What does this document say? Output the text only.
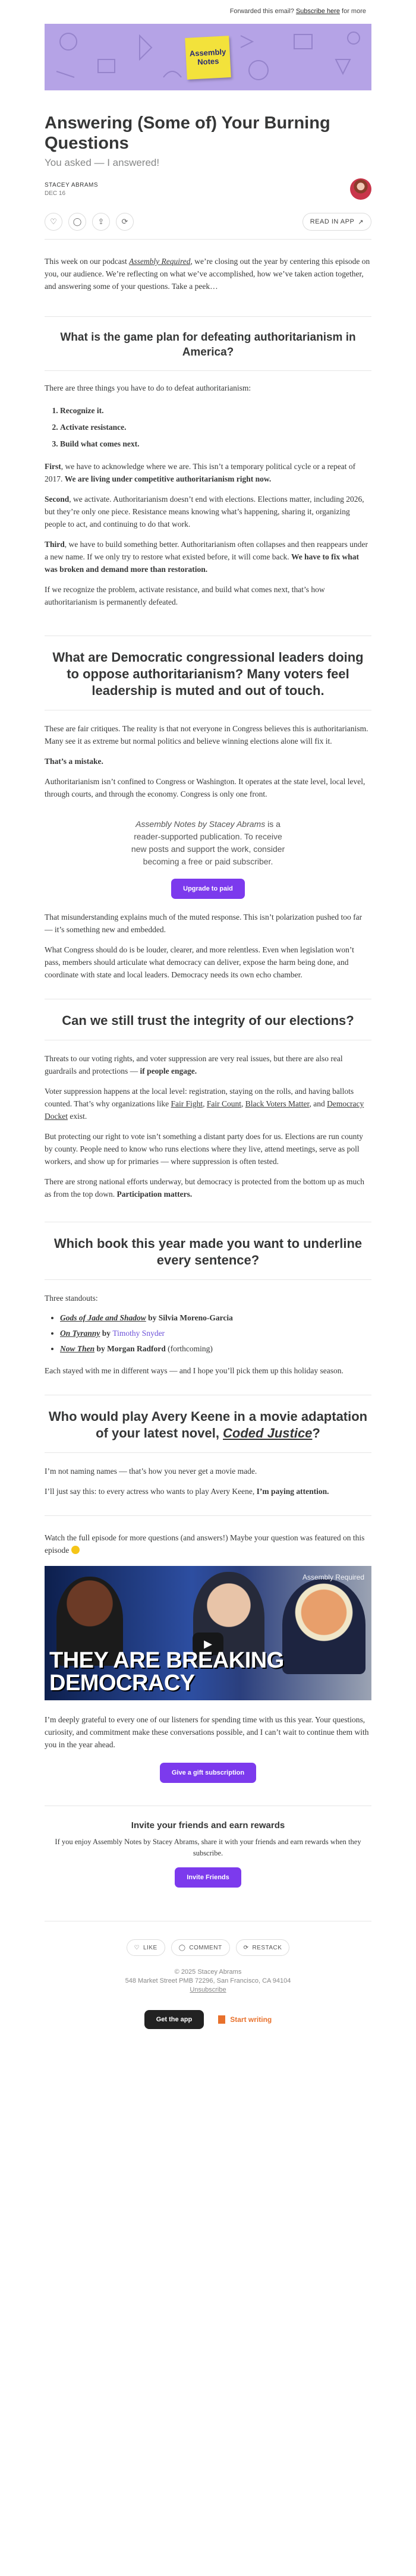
Forwarded this email?
Subscribe here
for more
Assembly
Notes
Answering (Some of) Your Burning Questions
You asked — I answered!
STACEY ABRAMS
DEC 16
♡	◯	⇪	⟳	READ IN APP ↗

This week on our podcast Assembly Required, we’re closing out the year by centering this episode on you, our audience. We’re reflecting on what we’ve accomplished, how we’ve taken action together, and answering some of your questions. Take a peek…

What is the game plan for defeating authoritarianism in America?

There are three things you have to do to defeat authoritarianism:

1. Recognize it.
2. Activate resistance.
3. Build what comes next.

First, we have to acknowledge where we are. This isn’t a temporary political cycle or a repeat of 2017. We are living under competitive authoritarianism right now.

Second, we activate. Authoritarianism doesn’t end with elections. Elections matter, including 2026, but they’re only one piece. Resistance means knowing what’s happening, sharing it, organizing people to act, and continuing to do that work.

Third, we have to build something better. Authoritarianism often collapses and then reappears under a new name. If we only try to restore what existed before, it will come back. We have to fix what was broken and demand more than restoration.

If we recognize the problem, activate resistance, and build what comes next, that’s how authoritarianism is permanently defeated.

What are Democratic congressional leaders doing to oppose authoritarianism? Many voters feel leadership is muted and out of touch.

These are fair critiques. The reality is that not everyone in Congress believes this is authoritarianism. Many see it as extreme but normal politics and believe winning elections alone will fix it.

That’s a mistake.

Authoritarianism isn’t confined to Congress or Washington. It operates at the state level, local level, through courts, and through the economy. Congress is only one front.

Assembly Notes by Stacey Abrams is a reader-supported publication. To receive new posts and support the work, consider becoming a free or paid subscriber.

Upgrade to paid

That misunderstanding explains much of the muted response. This isn’t polarization pushed too far — it’s something new and embedded.

What Congress should do is be louder, clearer, and more relentless. Even when legislation won’t pass, members should articulate what democracy can deliver, expose the harm being done, and coordinate with state and local leaders. Democracy needs its own echo chamber.

Can we still trust the integrity of our elections?

Threats to our voting rights, and voter suppression are very real issues, but there are also real guardrails and protections — if people engage.

Voter suppression happens at the local level: registration, staying on the rolls, and having ballots counted. That’s why organizations like Fair Fight, Fair Count, Black Voters Matter, and Democracy Docket exist.

But protecting our right to vote isn’t something a distant party does for us. Elections are run county by county. People need to know who runs elections where they live, attend meetings, serve as poll workers, and show up for primaries — where suppression is often tested.

There are strong national efforts underway, but democracy is protected from the bottom up as much as from the top down. Participation matters.

Which book this year made you want to underline every sentence?

Three standouts:

• Gods of Jade and Shadow by Silvia Moreno-Garcia
• On Tyranny by Timothy Snyder
• Now Then by Morgan Radford (forthcoming)

Each stayed with me in different ways — and I hope you’ll pick them up this holiday season.

Who would play Avery Keene in a movie adaptation of your latest novel, Coded Justice?

I’m not naming names — that’s how you never get a movie made.

I’ll just say this: to every actress who wants to play Avery Keene, I’m paying attention.

Watch the full episode for more questions (and answers!) Maybe your question was featured on this episode

Assembly Required
▶
THEY ARE BREAKING
DEMOCRACY

I’m deeply grateful to every one of our listeners for spending time with us this year. Your questions, curiosity, and commitment make these conversations possible, and I can’t wait to continue them with you in the year ahead.

Give a gift subscription
Invite your friends and earn rewards

If you enjoy Assembly Notes by Stacey Abrams, share it with your friends and earn rewards when they subscribe.

Invite Friends
♡ LIKE	◯ COMMENT	⟳ RESTACK
© 2025 Stacey Abrams
548 Market Street PMB 72296, San Francisco, CA 94104
Unsubscribe
Get the app	Start writing
